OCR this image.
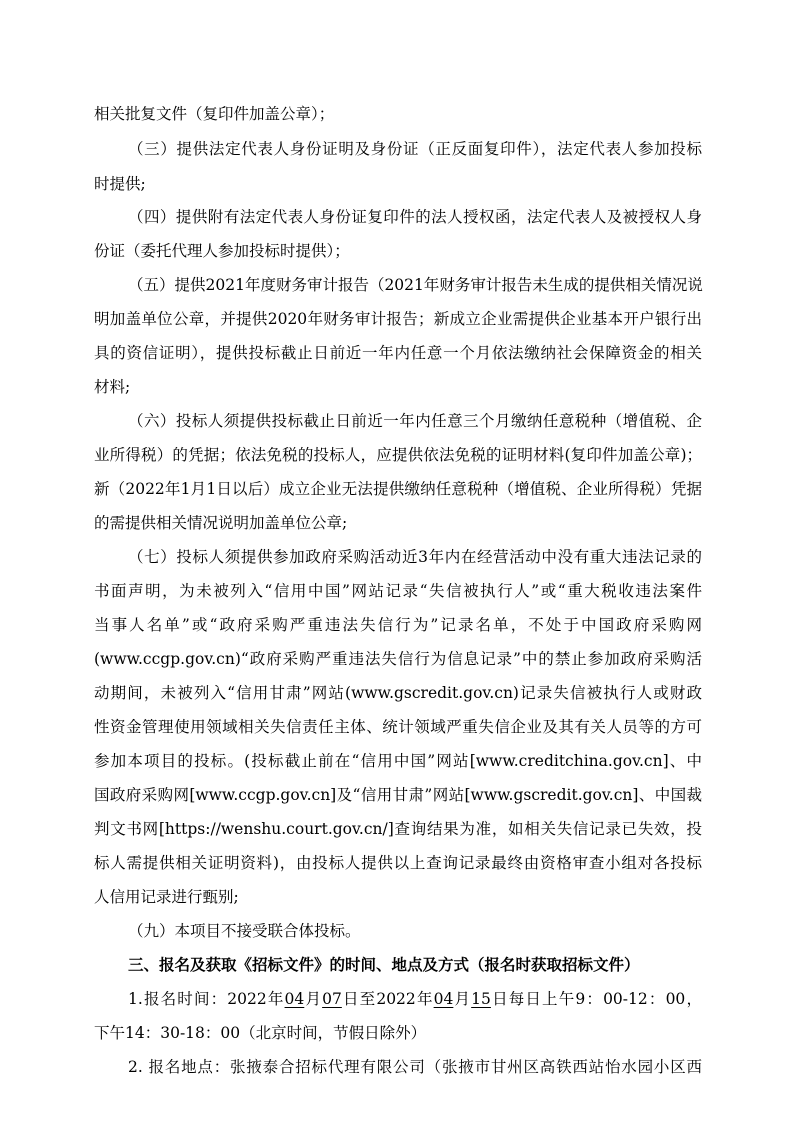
相关批复文件（复印件加盖公章）；
（三）提供法定代表人身份证明及身份证（正反面复印件），法定代表人参加投标
时提供;
（四）提供附有法定代表人身份证复印件的法人授权函，法定代表人及被授权人身
份证（委托代理人参加投标时提供）；
（五）提供2021年度财务审计报告（2021年财务审计报告未生成的提供相关情况说
明加盖单位公章，并提供2020年财务审计报告；新成立企业需提供企业基本开户银行出
具的资信证明），提供投标截止日前近一年内任意一个月依法缴纳社会保障资金的相关
材料;
（六）投标人须提供投标截止日前近一年内任意三个月缴纳任意税种（增值税、企
业所得税）的凭据；依法免税的投标人，应提供依法免税的证明材料(复印件加盖公章)；
新（2022年1月1日以后）成立企业无法提供缴纳任意税种（增值税、企业所得税）凭据
的需提供相关情况说明加盖单位公章;
（七）投标人须提供参加政府采购活动近3年内在经营活动中没有重大违法记录的
书面声明，为未被列入“信用中国”网站记录“失信被执行人”或“重大税收违法案件
当事人名单”或“政府采购严重违法失信行为”记录名单，不处于中国政府采购网
(www.ccgp.gov.cn)“政府采购严重违法失信行为信息记录”中的禁止参加政府采购活
动期间，未被列入“信用甘肃”网站(www.gscredit.gov.cn)记录失信被执行人或财政
性资金管理使用领域相关失信责任主体、统计领域严重失信企业及其有关人员等的方可
参加本项目的投标。(投标截止前在“信用中国”网站[www.creditchina.gov.cn]、中
国政府采购网[www.ccgp.gov.cn]及“信用甘肃”网站[www.gscredit.gov.cn]、中国裁
判文书网[https://wenshu.court.gov.cn/]查询结果为准，如相关失信记录已失效，投
标人需提供相关证明资料)，由投标人提供以上查询记录最终由资格审查小组对各投标
人信用记录进行甄别;
（九）本项目不接受联合体投标。
三、报名及获取《招标文件》的时间、地点及方式（报名时获取招标文件）
1.报名时间：2022年04月07日至2022年04月15日每日上午9：00-12：00，
下午14：30-18：00（北京时间，节假日除外）
2. 报名地点：张掖泰合招标代理有限公司（张掖市甘州区高铁西站怡水园小区西
